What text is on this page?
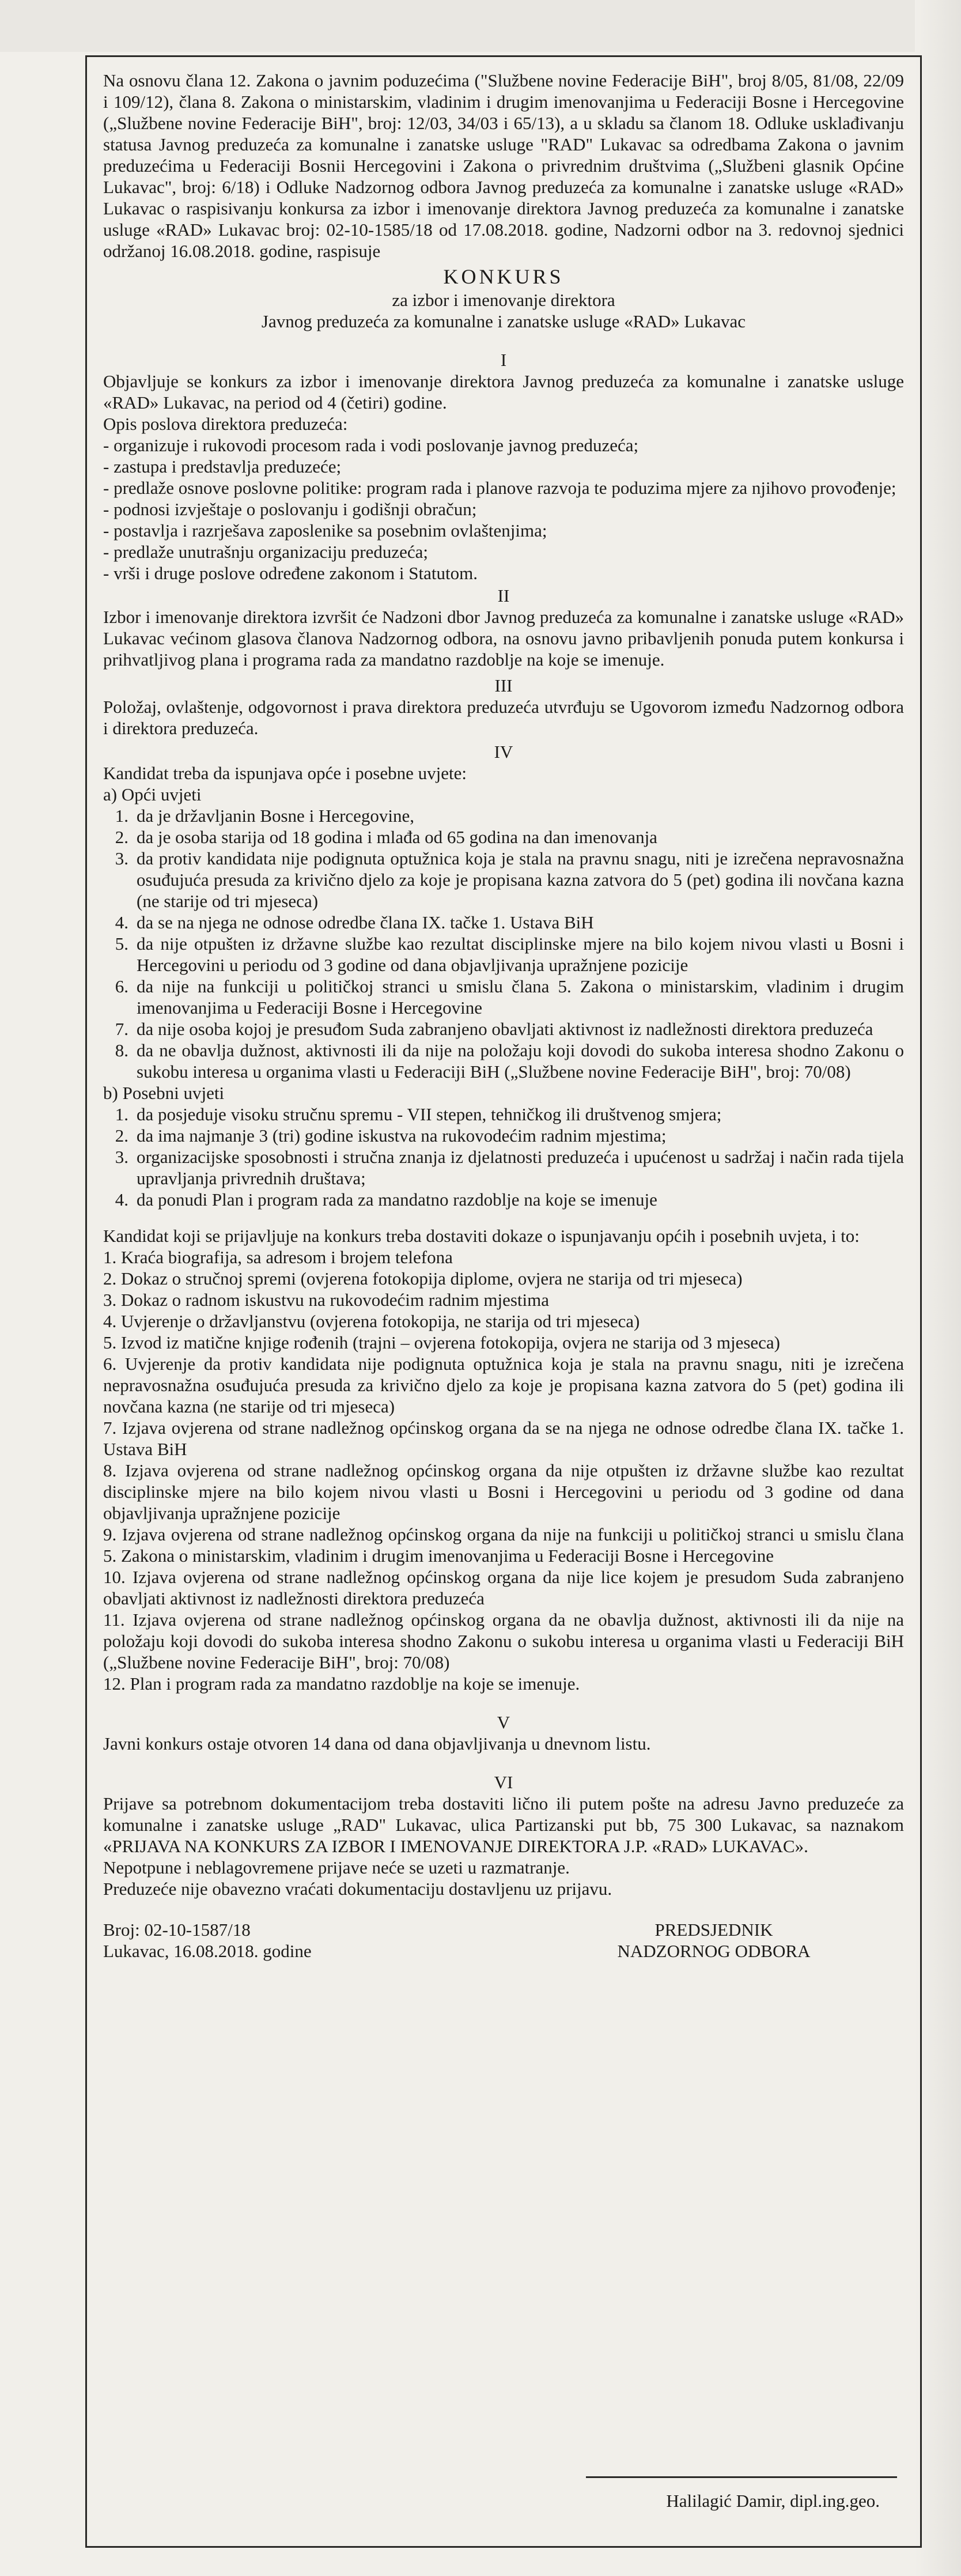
Na osnovu člana 12. Zakona o javnim poduzećima ("Službene novine Federacije BiH", broj 8/05, 81/08, 22/09 i 109/12), člana 8. Zakona o ministarskim, vladinim i drugim imenovanjima u Federaciji Bosne i Hercegovine („Službene novine Federacije BiH", broj: 12/03, 34/03 i 65/13), a u skladu sa članom 18. Odluke usklađivanju statusa Javnog preduzeća za komunalne i zanatske usluge "RAD" Lukavac sa odredbama Zakona o javnim preduzećima u Federaciji Bosnii Hercegovini i Zakona o privrednim društvima („Službeni glasnik Općine Lukavac", broj: 6/18) i Odluke Nadzornog odbora Javnog preduzeća za komunalne i zanatske usluge «RAD» Lukavac o raspisivanju konkursa za izbor i imenovanje direktora Javnog preduzeća za komunalne i zanatske usluge «RAD» Lukavac broj: 02-10-1585/18 od 17.08.2018. godine, Nadzorni odbor na 3. redovnoj sjednici održanoj 16.08.2018. godine, raspisuje

KONKURS

za izbor i imenovanje direktora

Javnog preduzeća za komunalne i zanatske usluge «RAD» Lukavac

I

Objavljuje se konkurs za izbor i imenovanje direktora Javnog preduzeća za komunalne i zanatske usluge «RAD» Lukavac, na period od 4 (četiri) godine.

Opis poslova direktora preduzeća:

- organizuje i rukovodi procesom rada i vodi poslovanje javnog preduzeća;

- zastupa i predstavlja preduzeće;

- predlaže osnove poslovne politike: program rada i planove razvoja te poduzima mjere za njihovo provođenje;

- podnosi izvještaje o poslovanju i godišnji obračun;

- postavlja i razrješava zaposlenike sa posebnim ovlaštenjima;

- predlaže unutrašnju organizaciju preduzeća;

- vrši i druge poslove određene zakonom i Statutom.

II

Izbor i imenovanje direktora izvršit će Nadzoni dbor Javnog preduzeća za komunalne i zanatske usluge «RAD» Lukavac većinom glasova članova Nadzornog odbora, na osnovu javno pribavljenih ponuda putem konkursa i prihvatljivog plana i programa rada za mandatno razdoblje na koje se imenuje.

III

Položaj, ovlaštenje, odgovornost i prava direktora preduzeća utvrđuju se Ugovorom između Nadzornog odbora i direktora preduzeća.

IV

Kandidat treba da ispunjava opće i posebne uvjete:

a) Opći uvjeti

1. da je državljanin Bosne i Hercegovine,
2. da je osoba starija od 18 godina i mlađa od 65 godina na dan imenovanja
3. da protiv kandidata nije podignuta optužnica koja je stala na pravnu snagu, niti je izrečena nepravosnažna osuđujuća presuda za krivično djelo za koje je propisana kazna zatvora do 5 (pet) godina ili novčana kazna (ne starije od tri mjeseca)
4. da se na njega ne odnose odredbe člana IX. tačke 1. Ustava BiH
5. da nije otpušten iz državne službe kao rezultat disciplinske mjere na bilo kojem nivou vlasti u Bosni i Hercegovini u periodu od 3 godine od dana objavljivanja upražnjene pozicije
6. da nije na funkciji u političkoj stranci u smislu člana 5. Zakona o ministarskim, vladinim i drugim imenovanjima u Federaciji Bosne i Hercegovine
7. da nije osoba kojoj je presuđom Suda zabranjeno obavljati aktivnost iz nadležnosti direktora preduzeća
8. da ne obavlja dužnost, aktivnosti ili da nije na položaju koji dovodi do sukoba interesa shodno Zakonu o sukobu interesa u organima vlasti u Federaciji BiH („Službene novine Federacije BiH", broj: 70/08)

b) Posebni uvjeti

1. da posjeduje visoku stručnu spremu - VII stepen, tehničkog ili društvenog smjera;
2. da ima najmanje 3 (tri) godine iskustva na rukovodećim radnim mjestima;
3. organizacijske sposobnosti i stručna znanja iz djelatnosti preduzeća i upućenost u sadržaj i način rada tijela upravljanja privrednih društava;
4. da ponudi Plan i program rada za mandatno razdoblje na koje se imenuje

Kandidat koji se prijavljuje na konkurs treba dostaviti dokaze o ispunjavanju općih i posebnih uvjeta, i to:

1. Kraća biografija, sa adresom i brojem telefona

2. Dokaz o stručnoj spremi (ovjerena fotokopija diplome, ovjera ne starija od tri mjeseca)

3. Dokaz o radnom iskustvu na rukovodećim radnim mjestima

4. Uvjerenje o državljanstvu (ovjerena fotokopija, ne starija od tri mjeseca)

5. Izvod iz matične knjige rođenih (trajni – ovjerena fotokopija, ovjera ne starija od 3 mjeseca)

6. Uvjerenje da protiv kandidata nije podignuta optužnica koja je stala na pravnu snagu, niti je izrečena nepravosnažna osuđujuća presuda za krivično djelo za koje je propisana kazna zatvora do 5 (pet) godina ili novčana kazna (ne starije od tri mjeseca)

7. Izjava ovjerena od strane nadležnog općinskog organa da se na njega ne odnose odredbe člana IX. tačke 1. Ustava BiH

8. Izjava ovjerena od strane nadležnog općinskog organa da nije otpušten iz državne službe kao rezultat disciplinske mjere na bilo kojem nivou vlasti u Bosni i Hercegovini u periodu od 3 godine od dana objavljivanja upražnjene pozicije

9. Izjava ovjerena od strane nadležnog općinskog organa da nije na funkciji u političkoj stranci u smislu člana 5. Zakona o ministarskim, vladinim i drugim imenovanjima u Federaciji Bosne i Hercegovine

10. Izjava ovjerena od strane nadležnog općinskog organa da nije lice kojem je presudom Suda zabranjeno obavljati aktivnost iz nadležnosti direktora preduzeća

11. Izjava ovjerena od strane nadležnog općinskog organa da ne obavlja dužnost, aktivnosti ili da nije na položaju koji dovodi do sukoba interesa shodno Zakonu o sukobu interesa u organima vlasti u Federaciji BiH („Službene novine Federacije BiH", broj: 70/08)

12. Plan i program rada za mandatno razdoblje na koje se imenuje.

V

Javni konkurs ostaje otvoren 14 dana od dana objavljivanja u dnevnom listu.

VI

Prijave sa potrebnom dokumentacijom treba dostaviti lično ili putem pošte na adresu Javno preduzeće za komunalne i zanatske usluge „RAD" Lukavac, ulica Partizanski put bb, 75 300 Lukavac, sa naznakom «PRIJAVA NA KONKURS ZA IZBOR I IMENOVANJE DIREKTORA J.P. «RAD» LUKAVAC».

Nepotpune i neblagovremene prijave neće se uzeti u razmatranje.

Preduzeće nije obavezno vraćati dokumentaciju dostavljenu uz prijavu.

Broj: 02-10-1587/18

Lukavac, 16.08.2018. godine

PREDSJEDNIK

NADZORNOG ODBORA

Halilagić Damir, dipl.ing.geo.
